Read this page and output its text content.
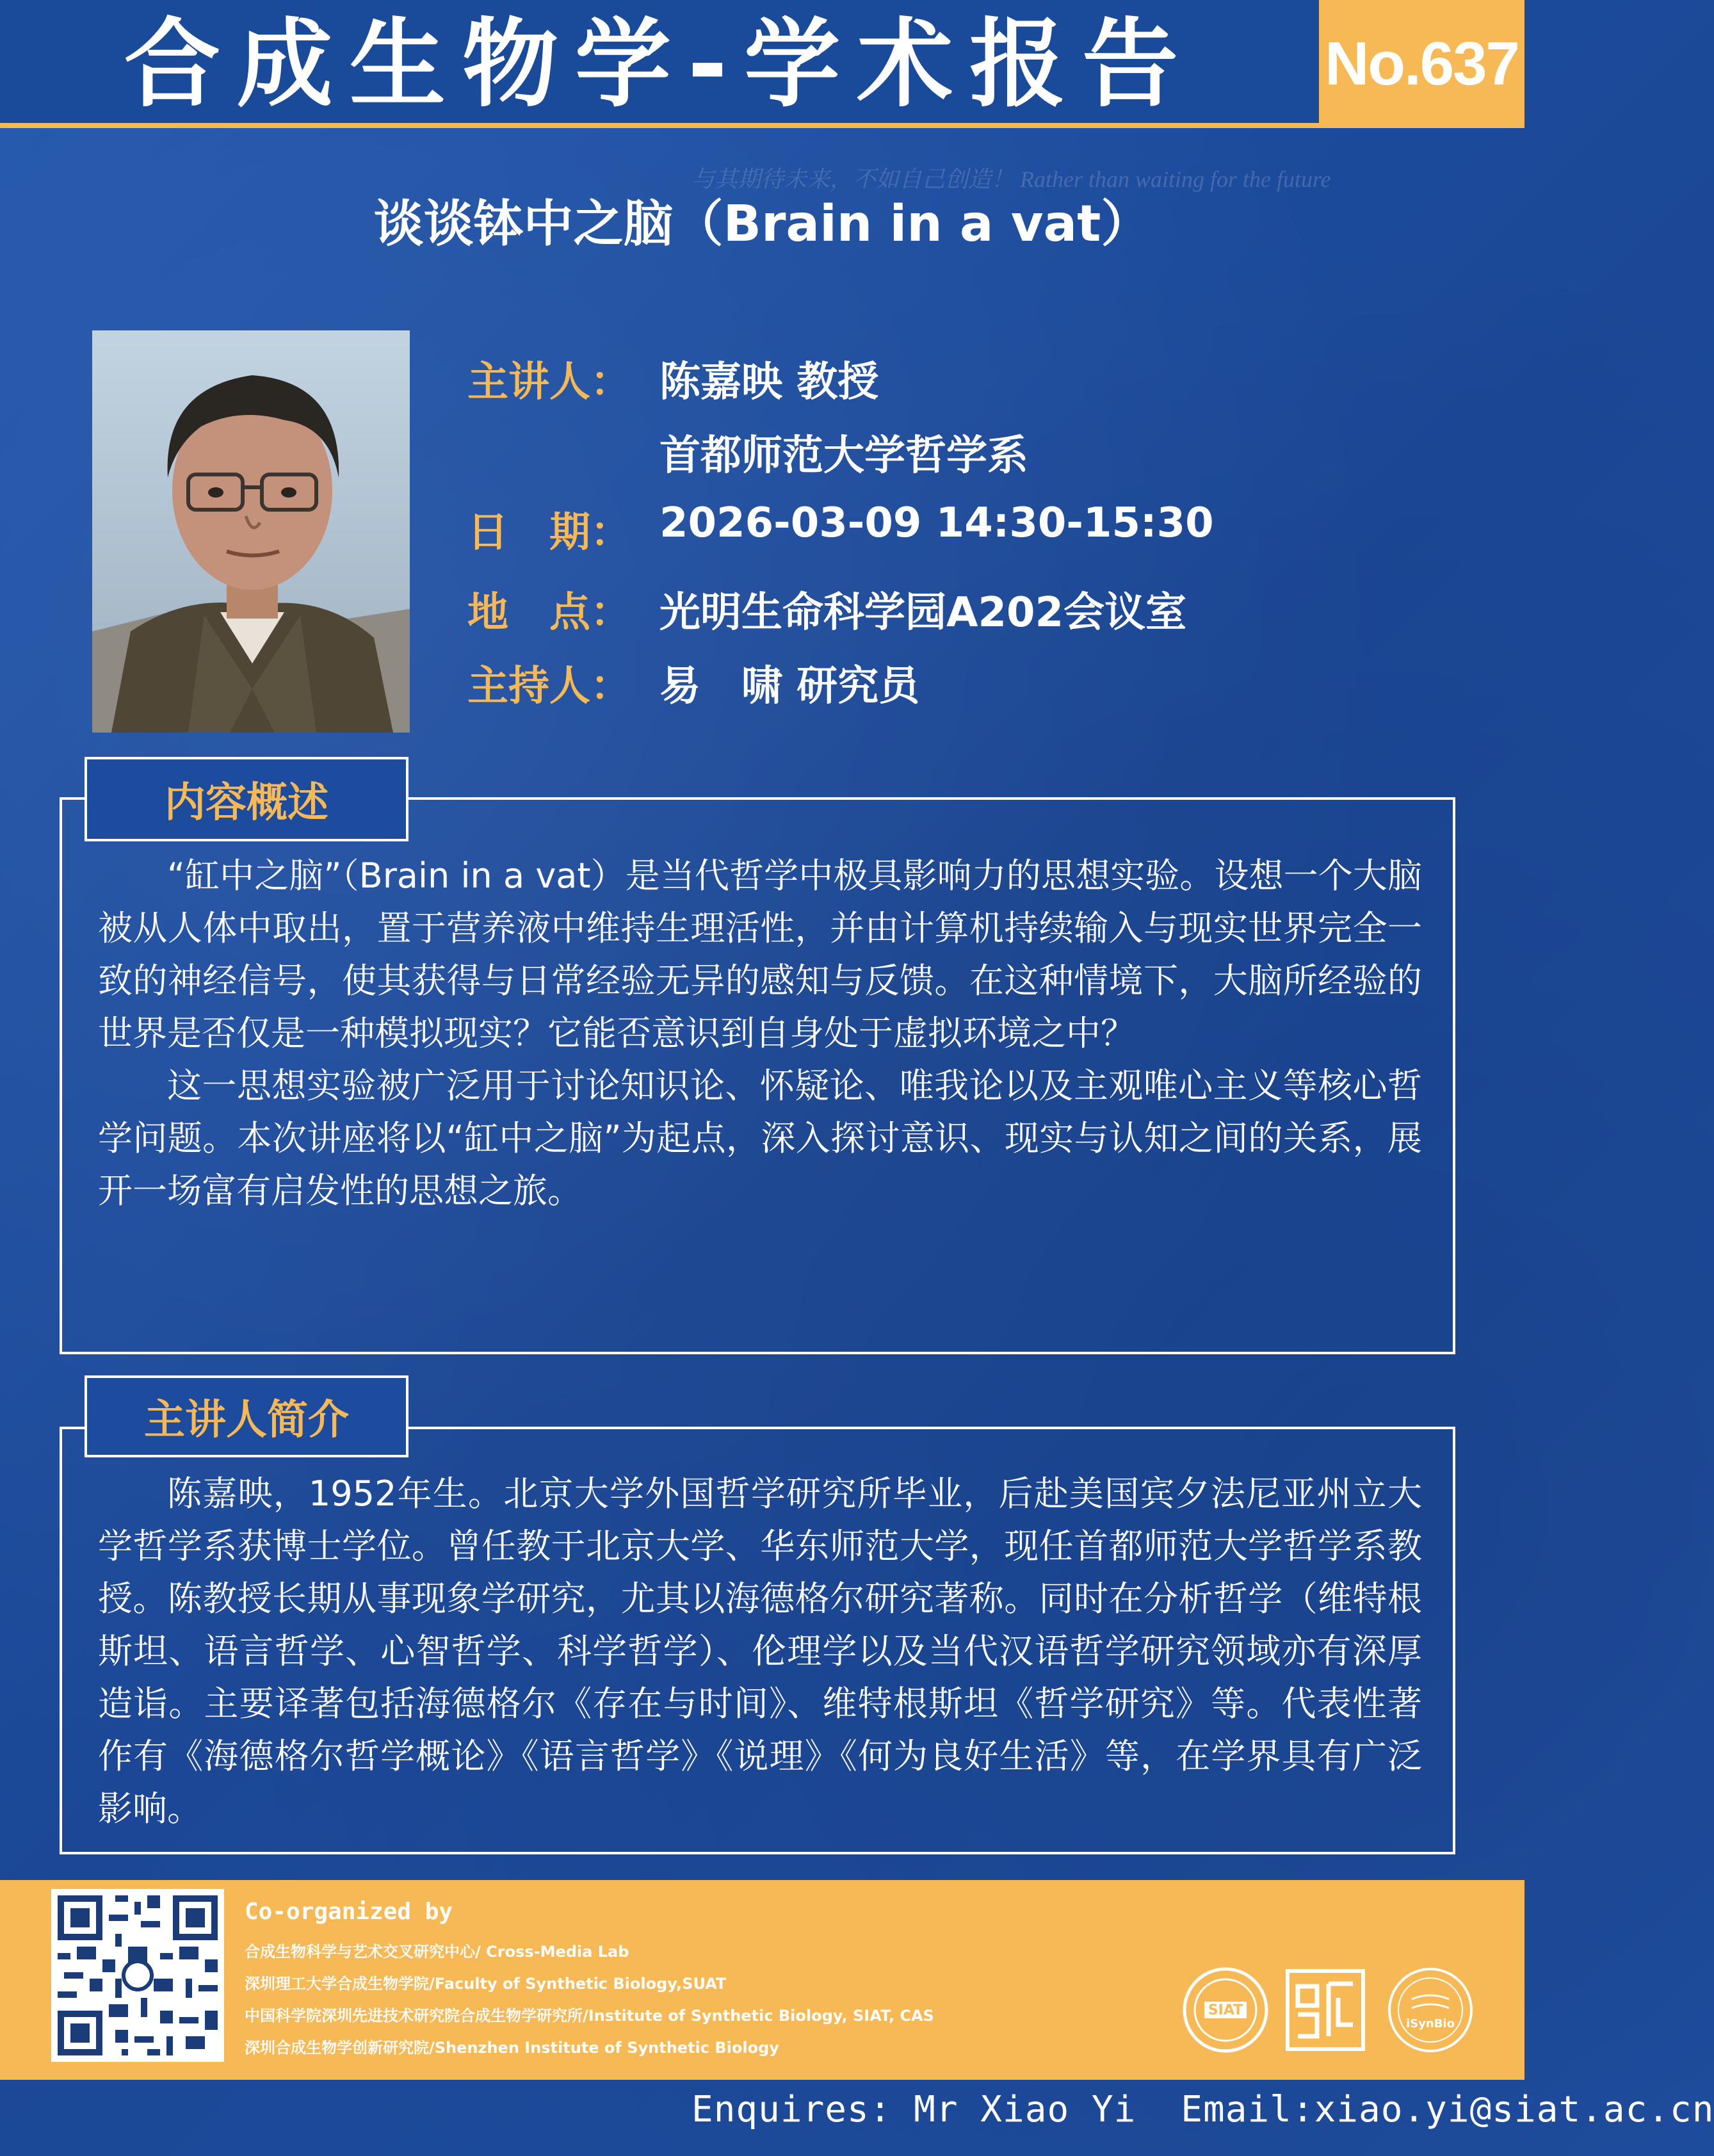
合成生物学-学术报告	No.637
与其期待未来，不如自己创造！ Rather than waiting for the future
谈谈钵中之脑（Brain in a vat）
主讲人： 陈嘉映 教授
首都师范大学哲学系
日　期： 2026-03-09 14:30-15:30
地　点： 光明生命科学园A202会议室
主持人： 易　啸 研究员

“缸中之脑”（Brain in a vat）是当代哲学中极具影响力的思想实验。设想一个大脑被从人体中取出，置于营养液中维持生理活性，并由计算机持续输入与现实世界完全一致的神经信号，使其获得与日常经验无异的感知与反馈。在这种情境下，大脑所经验的世界是否仅是一种模拟现实？它能否意识到自身处于虚拟环境之中？

这一思想实验被广泛用于讨论知识论、怀疑论、唯我论以及主观唯心主义等核心哲学问题。本次讲座将以“缸中之脑”为起点，深入探讨意识、现实与认知之间的关系，展开一场富有启发性的思想之旅。

内容概述

陈嘉映，1952年生。北京大学外国哲学研究所毕业，后赴美国宾夕法尼亚州立大学哲学系获博士学位。曾任教于北京大学、华东师范大学，现任首都师范大学哲学系教授。陈教授长期从事现象学研究，尤其以海德格尔研究著称。同时在分析哲学（维特根斯坦、语言哲学、心智哲学、科学哲学）、伦理学以及当代汉语哲学研究领域亦有深厚造诣。主要译著包括海德格尔《存在与时间》、维特根斯坦《哲学研究》等。代表性著作有《海德格尔哲学概论》《语言哲学》《说理》《何为良好生活》等，在学界具有广泛影响。

主讲人简介
Co-organized by
合成生物科学与艺术交叉研究中心/ Cross-Media Lab
深圳理工大学合成生物学院/Faculty of Synthetic Biology,SUAT
中国科学院深圳先进技术研究院合成生物学研究所/Institute of Synthetic Biology, SIAT, CAS
深圳合成生物学创新研究院/Shenzhen Institute of Synthetic Biology
SIAT
iSynBio
Enquires: Mr Xiao Yi Email:xiao.yi@siat.ac.cn
